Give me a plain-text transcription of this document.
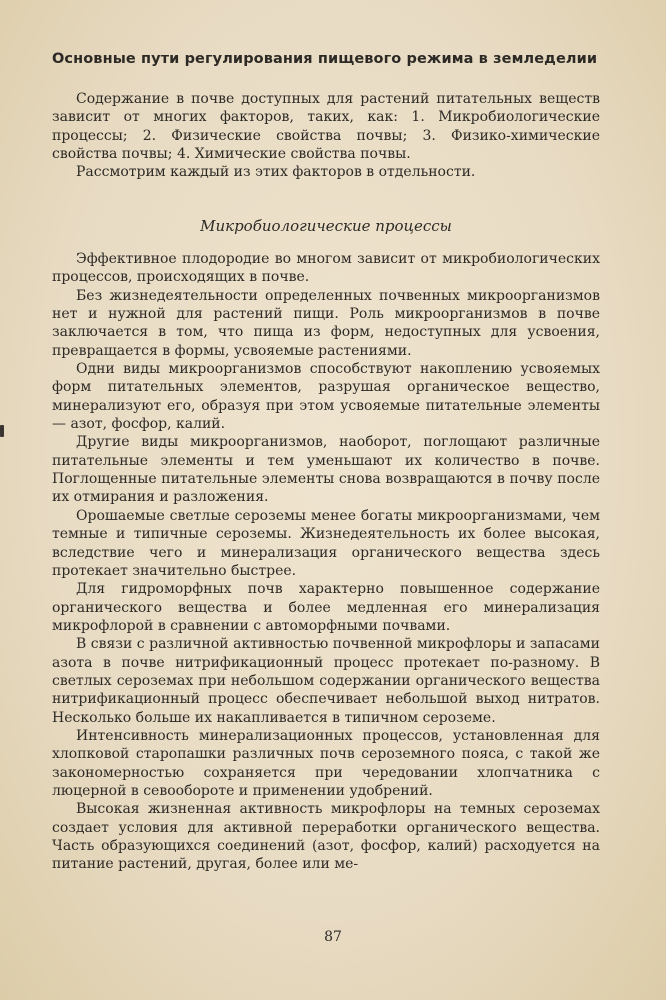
Основные пути регулирования пищевого режима в земледелии

Содержание в почве доступных для растений питательных веществ зависит от многих факторов, таких, как: 1. Микробиологические процессы; 2. Физические свойства почвы; 3. Физико-химические свойства почвы; 4. Химические свойства почвы.

Рассмотрим каждый из этих факторов в отдельности.

Микробиологические процессы

Эффективное плодородие во многом зависит от микробиологических процессов, происходящих в почве.

Без жизнедеятельности определенных почвенных микроорганизмов нет и нужной для растений пищи. Роль микроорганизмов в почве заключается в том, что пища из форм, недоступных для усвоения, превращается в формы, усвояемые растениями.

Одни виды микроорганизмов способствуют накоплению усвояемых форм питательных элементов, разрушая органическое вещество, минерализуют его, образуя при этом усвояемые питательные элементы — азот, фосфор, калий.

Другие виды микроорганизмов, наоборот, поглощают различные питательные элементы и тем уменьшают их количество в почве. Поглощенные питательные элементы снова возвращаются в почву после их отмирания и разложения.

Орошаемые светлые сероземы менее богаты микроорганизмами, чем темные и типичные сероземы. Жизнедеятельность их более высокая, вследствие чего и минерализация органического вещества здесь протекает значительно быстрее.

Для гидроморфных почв характерно повышенное содержание органического вещества и более медленная его минерализация микрофлорой в сравнении с автоморфными почвами.

В связи с различной активностью почвенной микрофлоры и запасами азота в почве нитрификационный процесс протекает по-разному. В светлых сероземах при небольшом содержании органического вещества нитрификационный процесс обеспечивает небольшой выход нитратов. Несколько больше их накапливается в типичном сероземе.

Интенсивность минерализационных процессов, установленная для хлопковой старопашки различных почв сероземного пояса, с такой же закономерностью сохраняется при чередовании хлопчатника с люцерной в севообороте и применении удобрений.

Высокая жизненная активность микрофлоры на темных сероземах создает условия для активной переработки органического вещества. Часть образующихся соединений (азот, фосфор, калий) расходуется на питание растений, другая, более или ме-

87
